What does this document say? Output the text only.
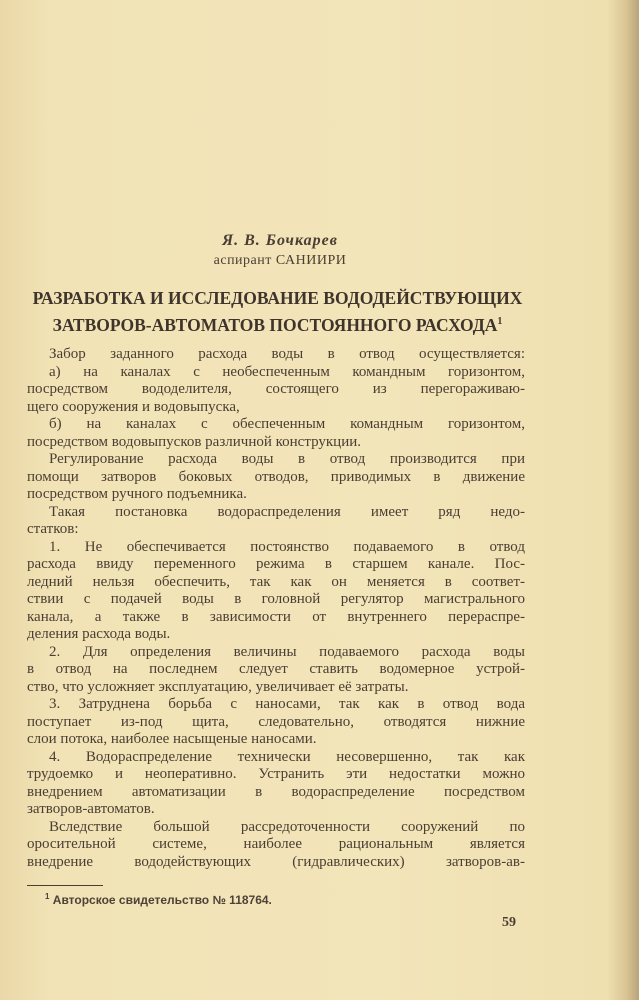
Я. В. Бочкарев
аспирант САНИИРИ
РАЗРАБОТКА И ИССЛЕДОВАНИЕ ВОДОДЕЙСТВУЮЩИХ
ЗАТВОРОВ-АВТОМАТОВ ПОСТОЯННОГО РАСХОДА$^1$
Забор заданного расхода воды в отвод осуществляется:
а) на каналах с необеспеченным командным горизонтом,
посредством вододелителя, состоящего из перегораживаю-
щего сооружения и водовыпуска,
б) на каналах с обеспеченным командным горизонтом,
посредством водовыпусков различной конструкции.
Регулирование расхода воды в отвод производится при
помощи затворов боковых отводов, приводимых в движение
посредством ручного подъемника.
Такая постановка водораспределения имеет ряд недо-
статков:
1. Не обеспечивается постоянство подаваемого в отвод
расхода ввиду переменного режима в старшем канале. Пос-
ледний нельзя обеспечить, так как он меняется в соответ-
ствии с подачей воды в головной регулятор магистрального
канала, а также в зависимости от внутреннего перераспре-
деления расхода воды.
2. Для определения величины подаваемого расхода воды
в отвод на последнем следует ставить водомерное устрой-
ство, что усложняет эксплуатацию, увеличивает её затраты.
3. Затруднена борьба с наносами, так как в отвод вода
поступает из-под щита, следовательно, отводятся нижние
слои потока, наиболее насыщеные наносами.
4. Водораспределение технически несовершенно, так как
трудоемко и неоперативно. Устранить эти недостатки можно
внедрением автоматизации в водораспределение посредством
затворов-автоматов.
Вследствие большой рассредоточенности сооружений по
оросительной системе, наиболее рациональным является
внедрение вододействующих (гидравлических) затворов-ав-
$^1$ Авторское свидетельство № 118764.
59
